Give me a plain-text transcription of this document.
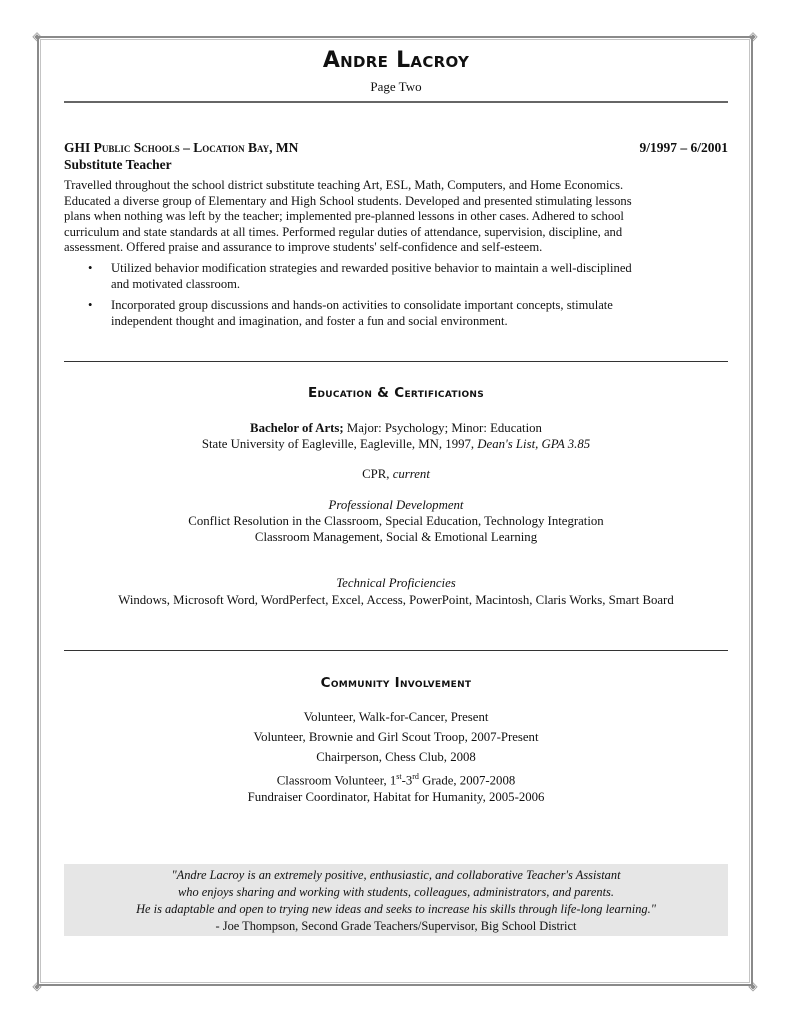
◈	◈
◈	◈
Andre Lacroy
Page Two
GHI Public Schools – Location Bay, MN	9/1997 – 6/2001
Substitute Teacher
Travelled throughout the school district substitute teaching Art, ESL, Math, Computers, and Home Economics.
Educated a diverse group of Elementary and High School students. Developed and presented stimulating lessons
plans when nothing was left by the teacher; implemented pre-planned lessons in other cases. Adhered to school
curriculum and state standards at all times. Performed regular duties of attendance, supervision, discipline, and
assessment. Offered praise and assurance to improve students' self-confidence and self-esteem.
• Utilized behavior modification strategies and rewarded positive behavior to maintain a well-disciplined
and motivated classroom.
• Incorporated group discussions and hands-on activities to consolidate important concepts, stimulate
independent thought and imagination, and foster a fun and social environment.
Education & Certifications
Bachelor of Arts; Major: Psychology; Minor: Education
State University of Eagleville, Eagleville, MN, 1997, Dean's List, GPA 3.85
CPR, current
Professional Development
Conflict Resolution in the Classroom, Special Education, Technology Integration
Classroom Management, Social & Emotional Learning
Technical Proficiencies
Windows, Microsoft Word, WordPerfect, Excel, Access, PowerPoint, Macintosh, Claris Works, Smart Board
Community Involvement
Volunteer, Walk-for-Cancer, Present
Volunteer, Brownie and Girl Scout Troop, 2007-Present
Chairperson, Chess Club, 2008
Classroom Volunteer, 1st-3rd Grade, 2007-2008
Fundraiser Coordinator, Habitat for Humanity, 2005-2006
"Andre Lacroy is an extremely positive, enthusiastic, and collaborative Teacher's Assistant
who enjoys sharing and working with students, colleagues, administrators, and parents.
He is adaptable and open to trying new ideas and seeks to increase his skills through life-long learning."
- Joe Thompson, Second Grade Teachers/Supervisor, Big School District
